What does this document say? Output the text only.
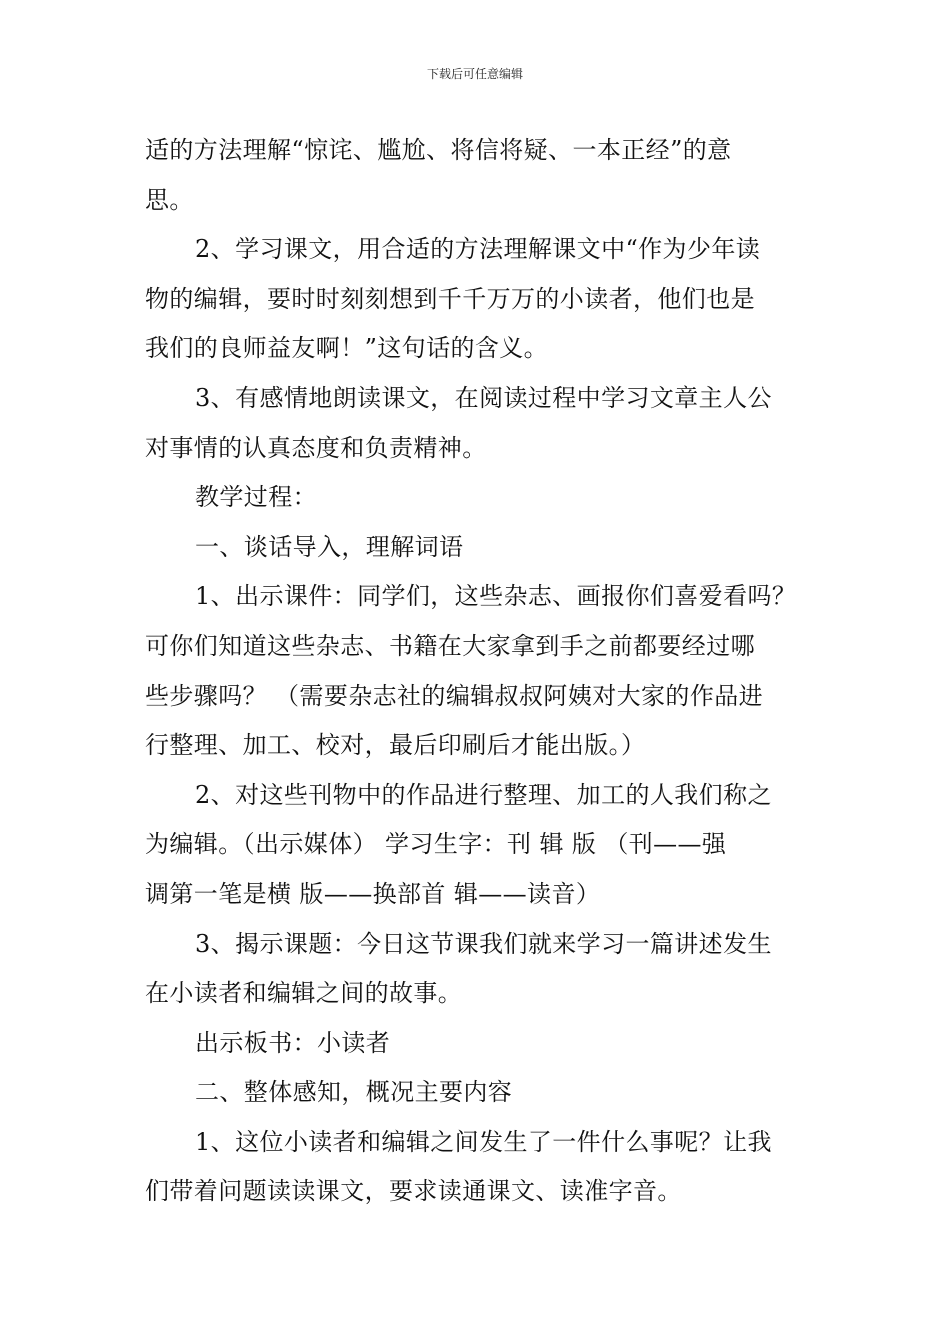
下载后可任意编辑

适的方法理解“惊诧、尴尬、将信将疑、一本正经”的意
思。
2、学习课文，用合适的方法理解课文中“作为少年读
物的编辑，要时时刻刻想到千千万万的小读者，他们也是
我们的良师益友啊！”这句话的含义。
3、有感情地朗读课文，在阅读过程中学习文章主人公
对事情的认真态度和负责精神。
教学过程：
一、谈话导入，理解词语
1、出示课件：同学们，这些杂志、画报你们喜爱看吗？
可你们知道这些杂志、书籍在大家拿到手之前都要经过哪
些步骤吗？ （需要杂志社的编辑叔叔阿姨对大家的作品进
行整理、加工、校对，最后印刷后才能出版。）
2、对这些刊物中的作品进行整理、加工的人我们称之
为编辑。（出示媒体） 学习生字：刊 辑 版 （刊——强
调第一笔是横 版——换部首 辑——读音）
3、揭示课题：今日这节课我们就来学习一篇讲述发生
在小读者和编辑之间的故事。
出示板书：小读者
二、整体感知，概况主要内容
1、这位小读者和编辑之间发生了一件什么事呢？让我
们带着问题读读课文，要求读通课文、读准字音。
